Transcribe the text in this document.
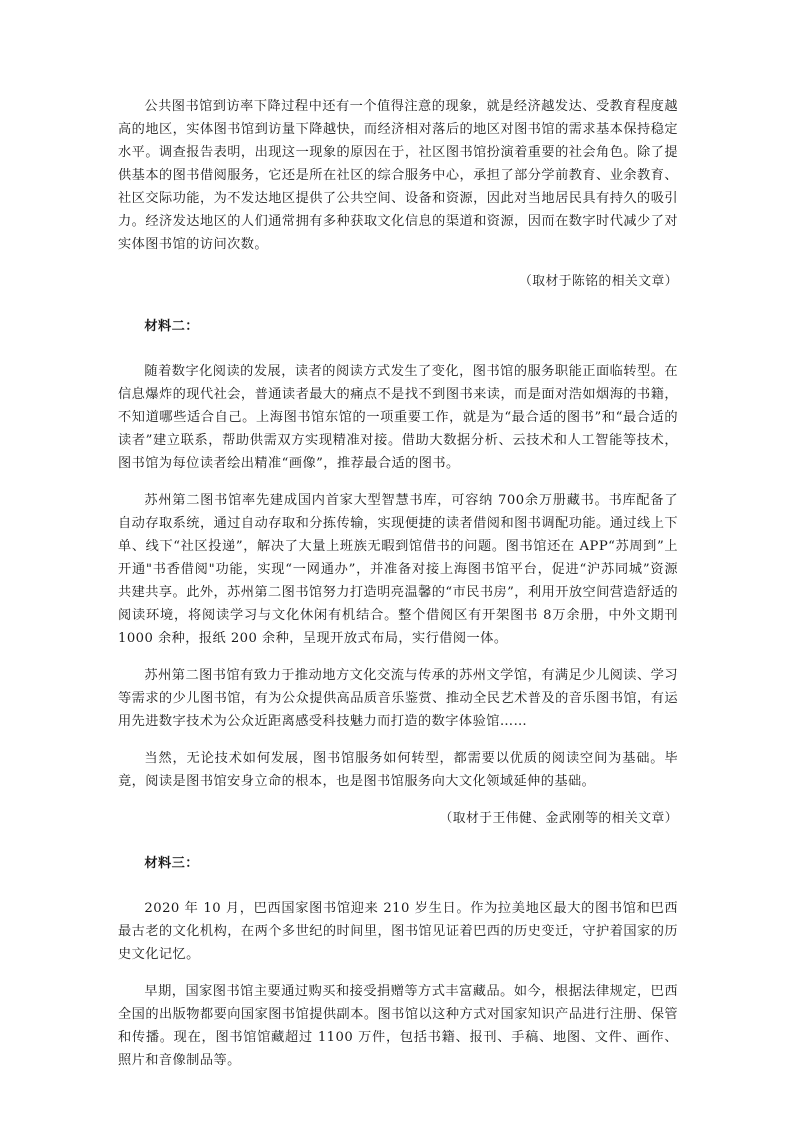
公共图书馆到访率下降过程中还有一个值得注意的现象，就是经济越发达、受教育程度越高的地区，实体图书馆到访量下降越快，而经济相对落后的地区对图书馆的需求基本保持稳定水平。调查报告表明，出现这一现象的原因在于，社区图书馆扮演着重要的社会角色。除了提供基本的图书借阅服务，它还是所在社区的综合服务中心，承担了部分学前教育、业余教育、社区交际功能，为不发达地区提供了公共空间、设备和资源，因此对当地居民具有持久的吸引力。经济发达地区的人们通常拥有多种获取文化信息的渠道和资源，因而在数字时代减少了对实体图书馆的访问次数。

（取材于陈铭的相关文章）

材料二：

随着数字化阅读的发展，读者的阅读方式发生了变化，图书馆的服务职能正面临转型。在信息爆炸的现代社会，普通读者最大的痛点不是找不到图书来读，而是面对浩如烟海的书籍，不知道哪些适合自己。上海图书馆东馆的一项重要工作，就是为“最合适的图书”和“最合适的读者”建立联系，帮助供需双方实现精准对接。借助大数据分析、云技术和人工智能等技术，图书馆为每位读者绘出精准“画像”，推荐最合适的图书。

苏州第二图书馆率先建成国内首家大型智慧书库，可容纳 700余万册藏书。书库配备了自动存取系统，通过自动存取和分拣传输，实现便捷的读者借阅和图书调配功能。通过线上下单、线下“社区投递”，解决了大量上班族无暇到馆借书的问题。图书馆还在 APP“苏周到”上开通"书香借阅"功能，实现“一网通办”，并准备对接上海图书馆平台，促进“沪苏同城”资源共建共享。此外，苏州第二图书馆努力打造明亮温馨的“市民书房”，利用开放空间营造舒适的阅读环境，将阅读学习与文化休闲有机结合。整个借阅区有开架图书 8万余册，中外文期刊 1000 余种，报纸 200 余种，呈现开放式布局，实行借阅一体。

苏州第二图书馆有致力于推动地方文化交流与传承的苏州文学馆，有满足少儿阅读、学习等需求的少儿图书馆，有为公众提供高品质音乐鉴赏、推动全民艺术普及的音乐图书馆，有运用先进数字技术为公众近距离感受科技魅力而打造的数字体验馆……

当然，无论技术如何发展，图书馆服务如何转型，都需要以优质的阅读空间为基础。毕竟，阅读是图书馆安身立命的根本，也是图书馆服务向大文化领域延伸的基础。

（取材于王伟健、金武刚等的相关文章）

材料三：

2020 年 10 月，巴西国家图书馆迎来 210 岁生日。作为拉美地区最大的图书馆和巴西最古老的文化机构，在两个多世纪的时间里，图书馆见证着巴西的历史变迁，守护着国家的历史文化记忆。

早期，国家图书馆主要通过购买和接受捐赠等方式丰富藏品。如今，根据法律规定，巴西全国的出版物都要向国家图书馆提供副本。图书馆以这种方式对国家知识产品进行注册、保管和传播。现在，图书馆馆藏超过 1100 万件，包括书籍、报刊、手稿、地图、文件、画作、照片和音像制品等。
